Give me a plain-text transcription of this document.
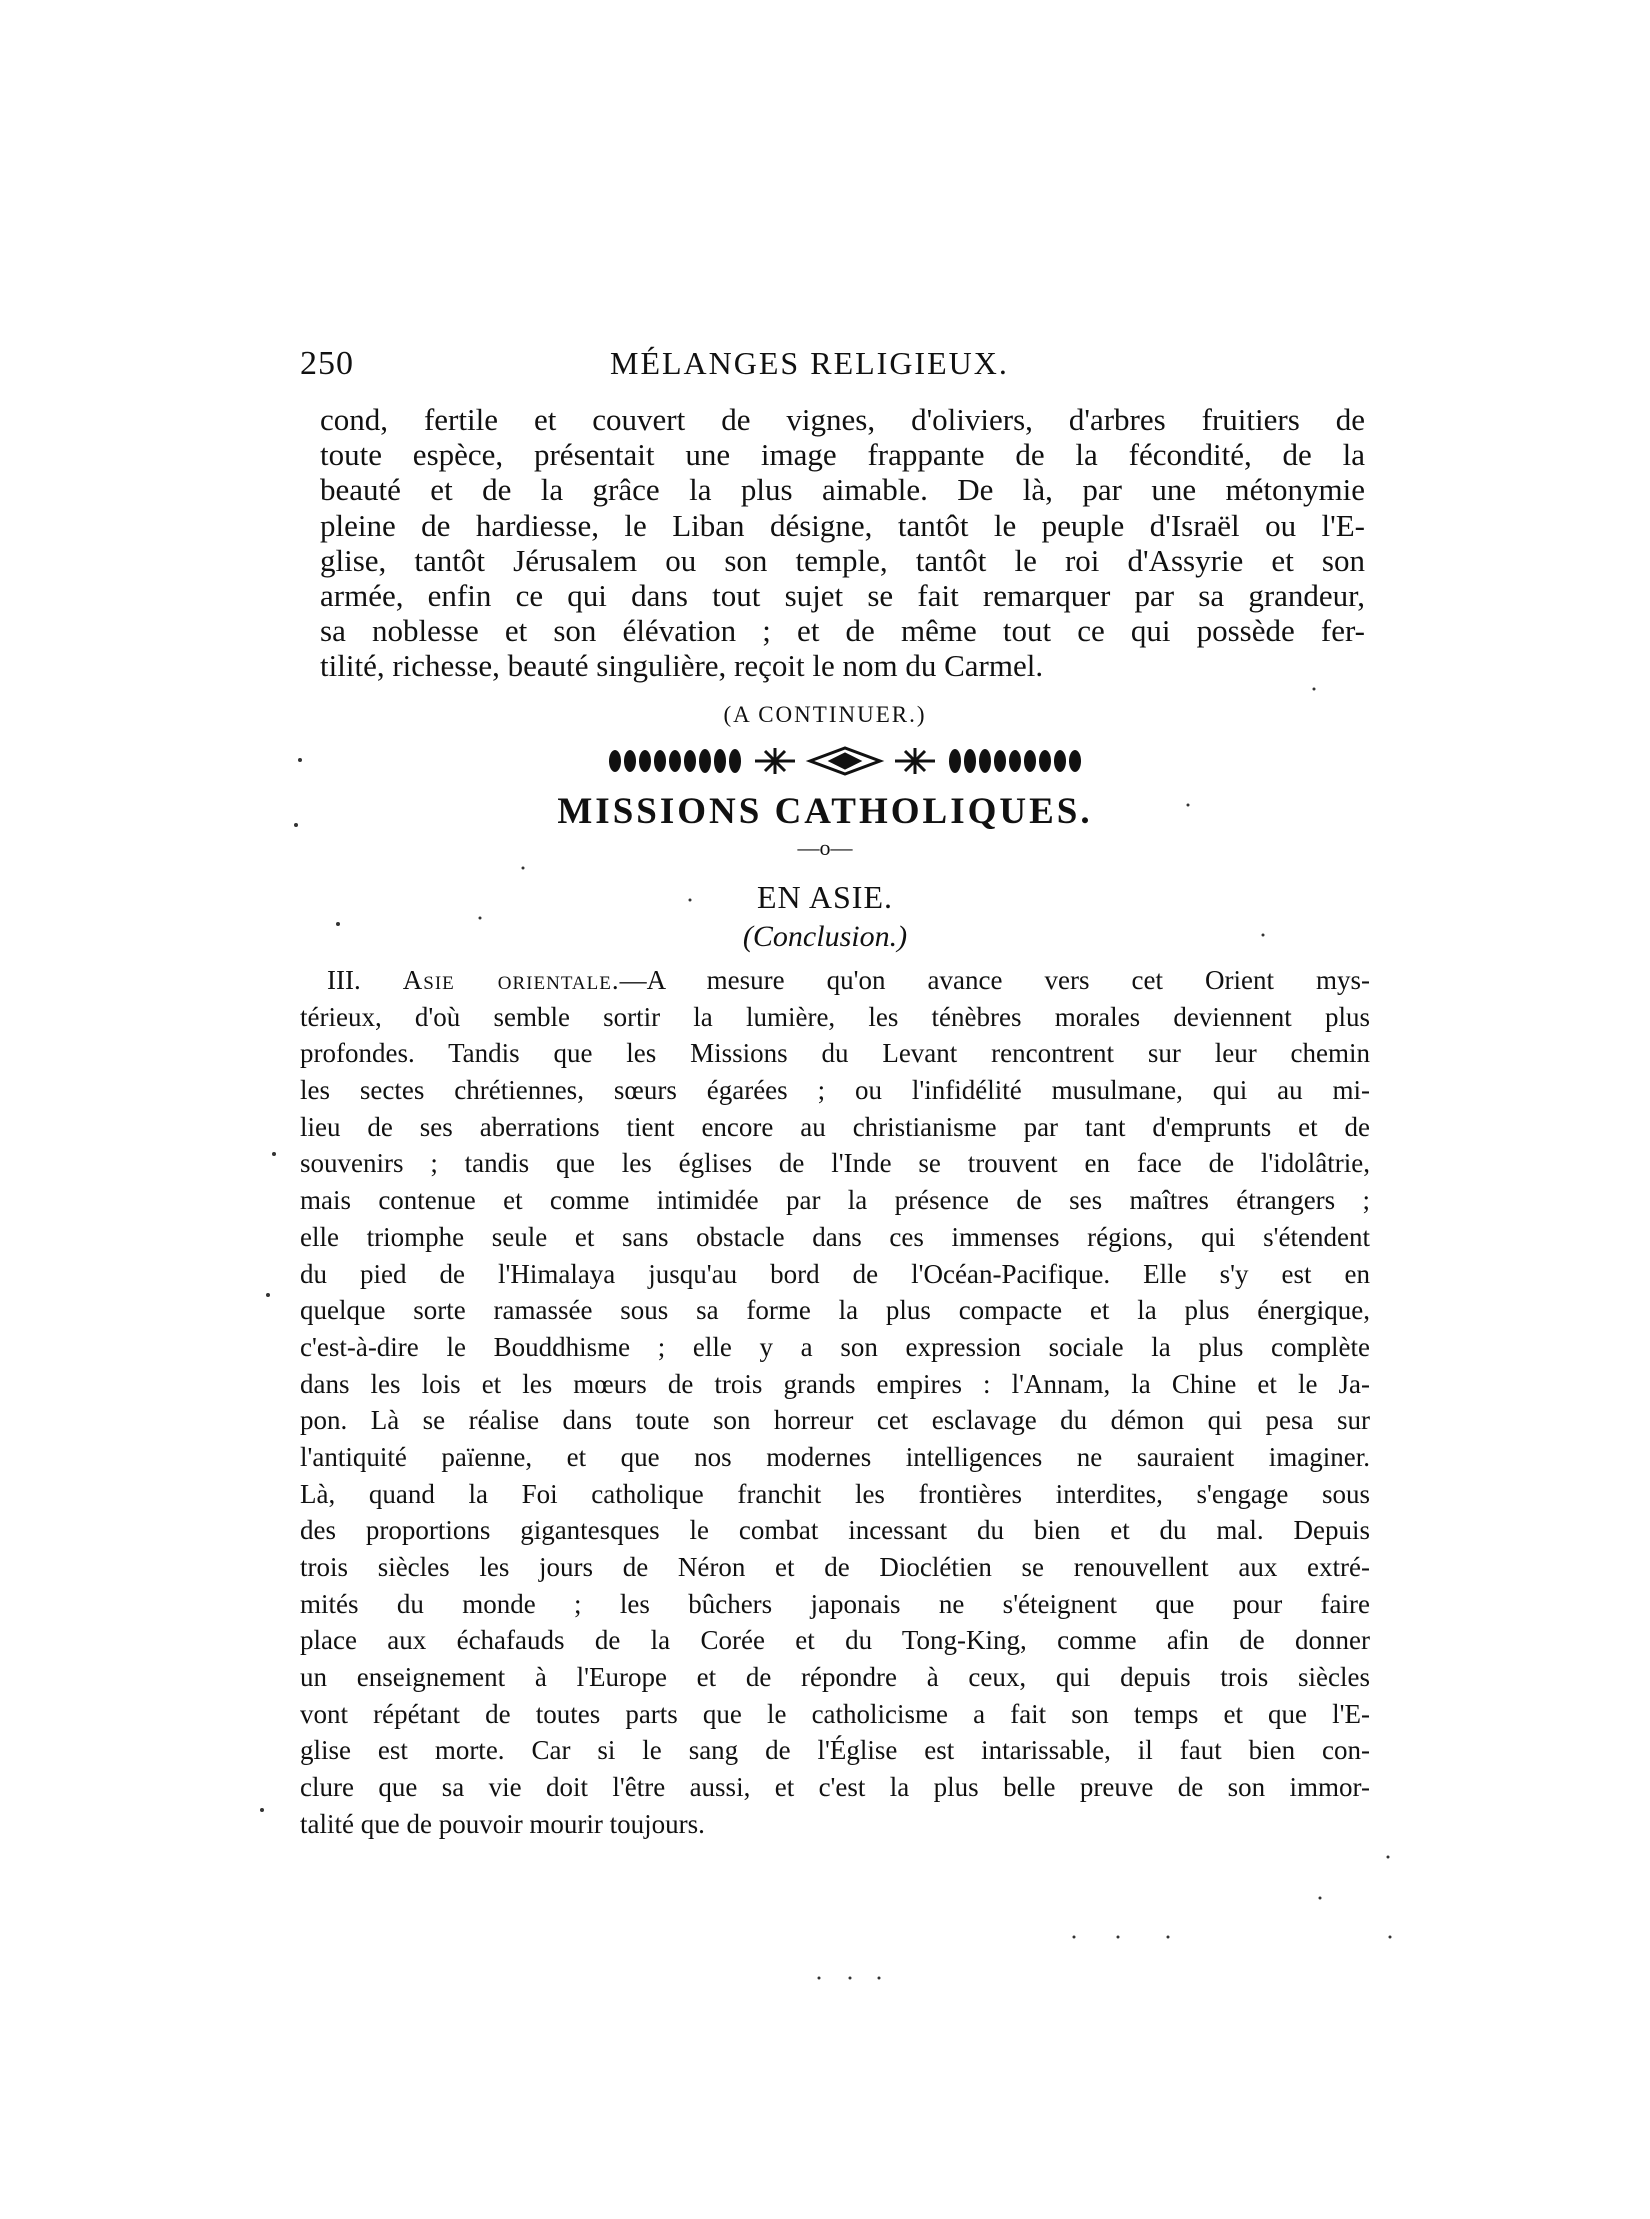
250	MÉLANGES RELIGIEUX.
cond, fertile et couvert de vignes, d'oliviers, d'arbres fruitiers de
toute espèce, présentait une image frappante de la fécondité, de la
beauté et de la grâce la plus aimable. De là, par une métonymie
pleine de hardiesse, le Liban désigne, tantôt le peuple d'Israël ou l'E-
glise, tantôt Jérusalem ou son temple, tantôt le roi d'Assyrie et son
armée, enfin ce qui dans tout sujet se fait remarquer par sa grandeur,
sa noblesse et son élévation ; et de même tout ce qui possède fer-
tilité, richesse, beauté singulière, reçoit le nom du Carmel.
(A CONTINUER.)
MISSIONS CATHOLIQUES.
—o—
EN ASIE.
(Conclusion.)
III. Asie orientale.—A mesure qu'on avance vers cet Orient mys-
térieux, d'où semble sortir la lumière, les ténèbres morales deviennent plus
profondes. Tandis que les Missions du Levant rencontrent sur leur chemin
les sectes chrétiennes, sœurs égarées ; ou l'infidélité musulmane, qui au mi-
lieu de ses aberrations tient encore au christianisme par tant d'emprunts et de
souvenirs ; tandis que les églises de l'Inde se trouvent en face de l'idolâtrie,
mais contenue et comme intimidée par la présence de ses maîtres étrangers ;
elle triomphe seule et sans obstacle dans ces immenses régions, qui s'étendent
du pied de l'Himalaya jusqu'au bord de l'Océan-Pacifique. Elle s'y est en
quelque sorte ramassée sous sa forme la plus compacte et la plus énergique,
c'est-à-dire le Bouddhisme ; elle y a son expression sociale la plus complète
dans les lois et les mœurs de trois grands empires : l'Annam, la Chine et le Ja-
pon. Là se réalise dans toute son horreur cet esclavage du démon qui pesa sur
l'antiquité païenne, et que nos modernes intelligences ne sauraient imaginer.
Là, quand la Foi catholique franchit les frontières interdites, s'engage sous
des proportions gigantesques le combat incessant du bien et du mal. Depuis
trois siècles les jours de Néron et de Dioclétien se renouvellent aux extré-
mités du monde ; les bûchers japonais ne s'éteignent que pour faire
place aux échafauds de la Corée et du Tong-King, comme afin de donner
un enseignement à l'Europe et de répondre à ceux, qui depuis trois siècles
vont répétant de toutes parts que le catholicisme a fait son temps et que l'E-
glise est morte. Car si le sang de l'Église est intarissable, il faut bien con-
clure que sa vie doit l'être aussi, et c'est la plus belle preuve de son immor-
talité que de pouvoir mourir toujours.
